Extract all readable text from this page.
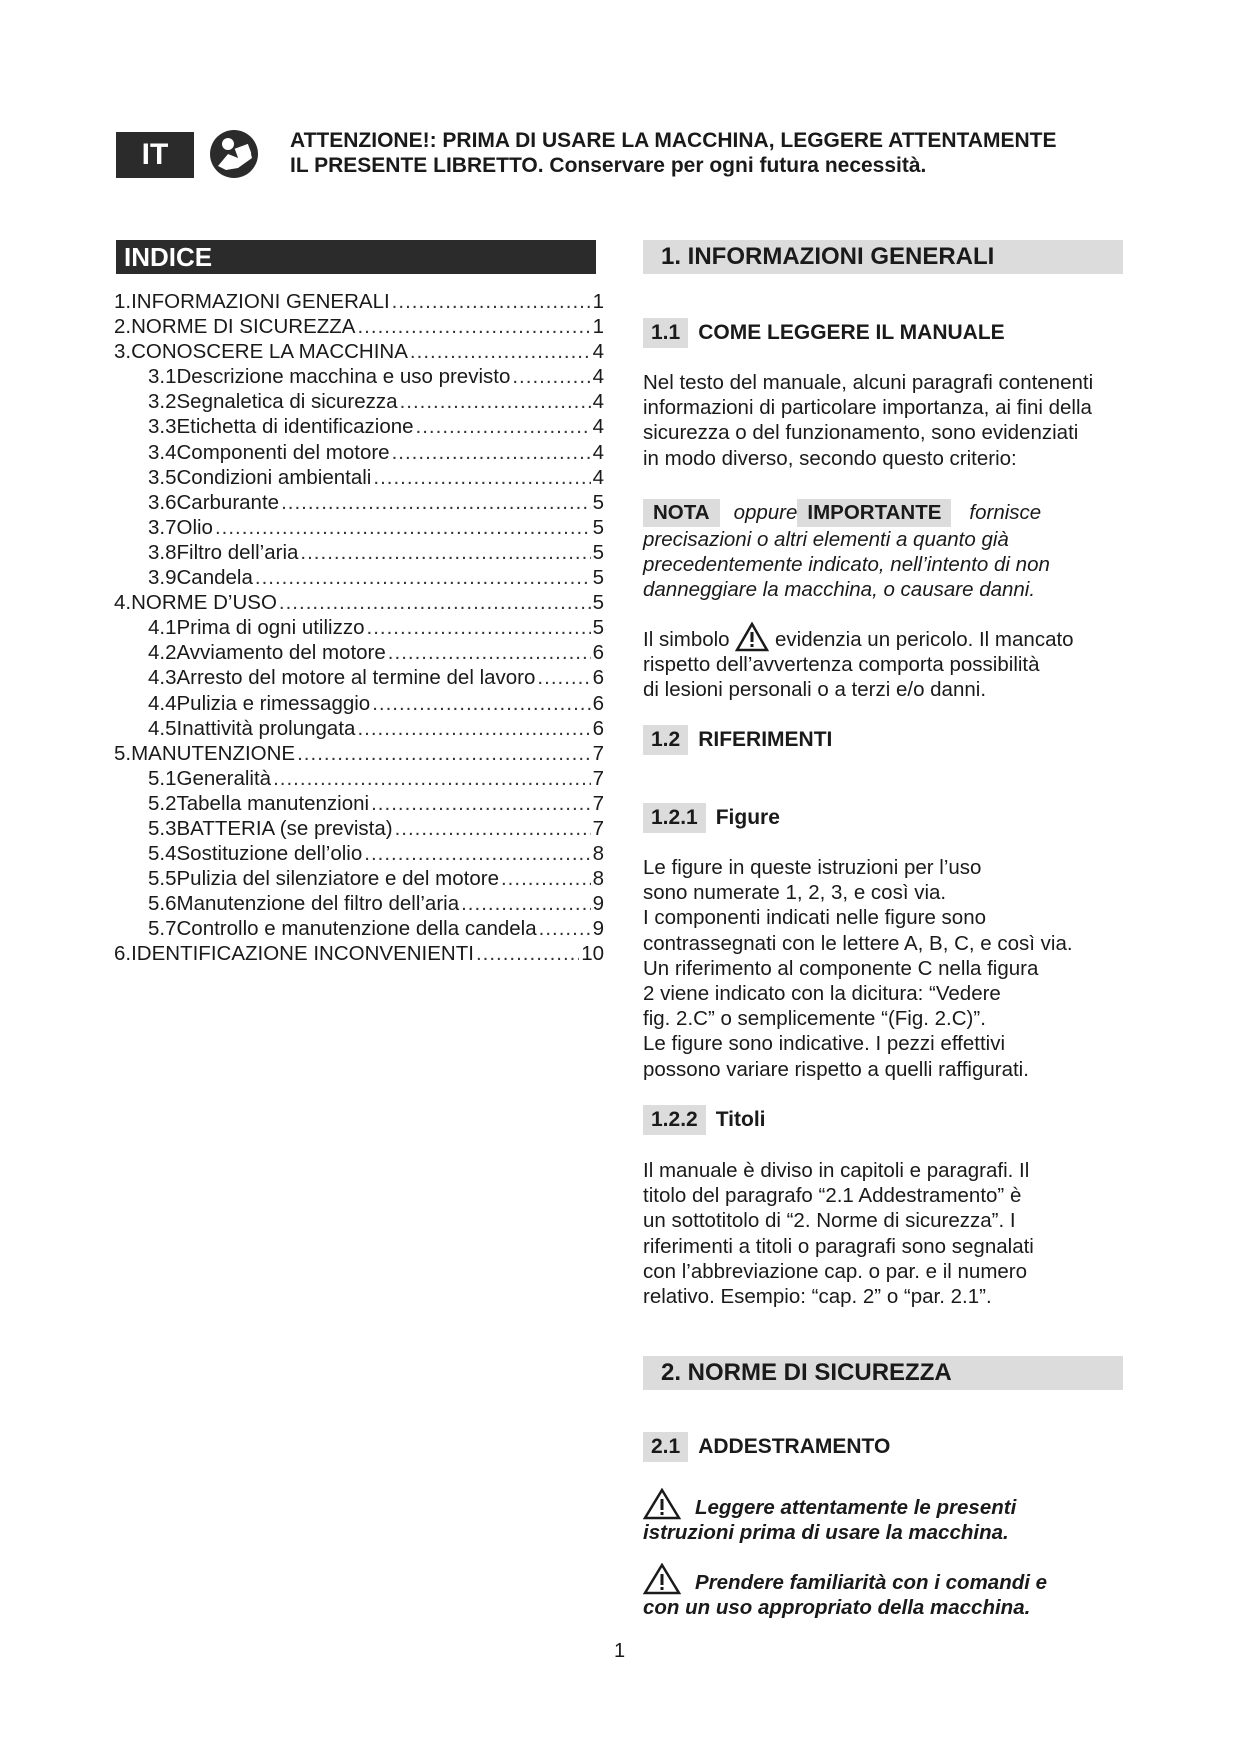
IT	ATTENZIONE!: PRIMA DI USARE LA MACCHINA, LEGGERE ATTENTAMENTE
IL PRESENTE LIBRETTO. Conservare per ogni futura necessità.
INDICE
1. INFORMAZIONI GENERALI .....	1
2. NORME DI SICUREZZA .....	1
3. CONOSCERE LA MACCHINA .....	4
3.1 Descrizione macchina e uso previsto .....	4
3.2 Segnaletica di sicurezza .....	4
3.3 Etichetta di identificazione .....	4
3.4 Componenti del motore .....	4
3.5 Condizioni ambientali .....	4
3.6 Carburante .....	5
3.7 Olio .....	5
3.8 Filtro dell’aria .....	5
3.9 Candela .....	5
4. NORME D’USO .....	5
4.1 Prima di ogni utilizzo .....	5
4.2 Avviamento del motore .....	6
4.3 Arresto del motore al termine del lavoro .....	6
4.4 Pulizia e rimessaggio .....	6
4.5 Inattività prolungata .....	6
5. MANUTENZIONE .....	7
5.1 Generalità .....	7
5.2 Tabella manutenzioni .....	7
5.3 BATTERIA (se prevista) .....	7
5.4 Sostituzione dell’olio .....	8
5.5 Pulizia del silenziatore e del motore .....	8
5.6 Manutenzione del filtro dell’aria .....	9
5.7 Controllo e manutenzione della candela .....	9
6. IDENTIFICAZIONE INCONVENIENTI .....	10
1. INFORMAZIONI GENERALI
1.1 COME LEGGERE IL MANUALE
Nel testo del manuale, alcuni paragrafi contenenti
informazioni di particolare importanza, ai fini della
sicurezza o del funzionamento, sono evidenziati
in modo diverso, secondo questo criterio:
NOTA	oppure IMPORTANTE	fornisce
precisazioni o altri elementi a quanto già
precedentemente indicato, nell’intento di non
danneggiare la macchina, o causare danni.
Il simbolo evidenzia un pericolo. Il mancato
rispetto dell’avvertenza comporta possibilità
di lesioni personali o a terzi e/o danni.
1.2 RIFERIMENTI
1.2.1 Figure
Le figure in queste istruzioni per l’uso
sono numerate 1, 2, 3, e così via.
I componenti indicati nelle figure sono
contrassegnati con le lettere A, B, C, e così via.
Un riferimento al componente C nella figura
2 viene indicato con la dicitura: “Vedere
fig. 2.C” o semplicemente “(Fig. 2.C)”.
Le figure sono indicative. I pezzi effettivi
possono variare rispetto a quelli raffigurati.
1.2.2 Titoli
Il manuale è diviso in capitoli e paragrafi. Il
titolo del paragrafo “2.1 Addestramento” è
un sottotitolo di “2. Norme di sicurezza”. I
riferimenti a titoli o paragrafi sono segnalati
con l’abbreviazione cap. o par. e il numero
relativo. Esempio: “cap. 2” o “par. 2.1”.
2. NORME DI SICUREZZA
2.1 ADDESTRAMENTO
Leggere attentamente le presenti
istruzioni prima di usare la macchina.
Prendere familiarità con i comandi e
con un uso appropriato della macchina.
1
